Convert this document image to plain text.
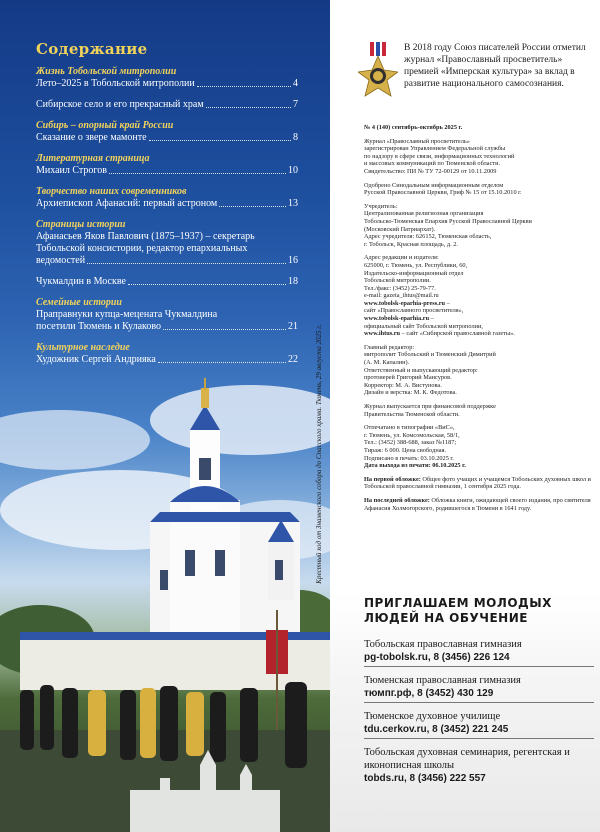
Содержание
Жизнь Тобольской митрополии
Лето–2025 в Тобольской митрополии	4
Сибирское село и его прекрасный храм	7
Сибирь – опорный край России
Сказание о звере мамонте	8
Литературная страница
Михаил Строгов	10
Творчество наших современников
Архиепископ Афанасий: первый астроном	13
Страницы истории
Афанасьев Яков Павлович (1875–1937) – секретарь
Тобольской консистории, редактор епархиальных
ведомостей	16
Чукмалдин в Москве	18
Семейные истории
Праправнуки купца-мецената Чукмалдина
посетили Тюмень и Кулаково	21
Культурное наследие
Художник Сергей Андрияка	22 Крестный ход от Знаменского собора до Спасского храма. Тюмень, 29 августа 2025 г.
В 2018 году Союз писателей России отметил журнал «Православный просветитель» премией «Имперская культура» за вклад в развитие национального самосознания.

№ 4 (140) сентябрь-октябрь 2025 г.

Журнал «Православный просветитель»
зарегистрирован Управлением Федеральной службы
по надзору в сфере связи, информационных технологий
и массовых коммуникаций по Тюменской области.
Свидетельство: ПИ № ТУ 72-00129 от 10.11.2009

Одобрено Синодальным информационным отделом
Русской Православной Церкви, Гриф № 15 от 15.10.2010 г.

Учредитель:
Централизованная религиозная организация
Тобольско-Тюменская Епархия Русской Православной Церкви
(Московский Патриархат).
Адрес учредителя: 626152, Тюменская область,
г. Тобольск, Красная площадь, д. 2.

Адрес редакции и издателя:
625000, г. Тюмень, ул. Республики, 60,
Издательско-информационный отдел
Тобольской митрополии.
Тел./факс: (3452) 25-79-77.
e-mail: gazeta_ihtus@mail.ru
www.tobolsk-eparhia-press.ru –
сайт «Православного просветителя»,
www.tobolsk-eparhia.ru –
официальный сайт Тобольской митрополии,
www.ihtus.ru – сайт «Сибирской православной газеты».

Главный редактор:
митрополит Тобольский и Тюменский Димитрий
(А. М. Капалин).
Ответственный и выпускающий редактор:
протоиерей Григорий Мансуров.
Корректор: М. А. Вистунова.
Дизайн и верстка: М. К. Федотова.

Журнал выпускается при финансовой поддержке
Правительства Тюменской области.

Отпечатано в типографии «ВиС»,
г. Тюмень, ул. Комсомольская, 58/1,
Тел.: (3452) 388-688, заказ №1187;
Тираж: 6 000. Цена свободная.
Подписано в печать: 03.10.2025 г.
Дата выхода из печати: 06.10.2025 г.

На первой обложке: Общее фото учащих и учащемся Тобольских духовных школ и Тобольской православной гимназии, 1 сентября 2025 года.

На последней обложке: Обложка книги, ожидающей своего издания, про святителя Афанасия Холмогорского, родившегося в Тюмени в 1641 году.

ПРИГЛАШАЕМ МОЛОДЫХ ЛЮДЕЙ НА ОБУЧЕНИЕ
Тобольская православная гимназия
pg-tobolsk.ru, 8 (3456) 226 124
Тюменская православная гимназия
тюмпг.рф, 8 (3452) 430 129
Тюменское духовное училище
tdu.cerkov.ru, 8 (3452) 221 245
Тобольская духовная семинария, регентская и иконописная школы
tobds.ru, 8 (3456) 222 557
